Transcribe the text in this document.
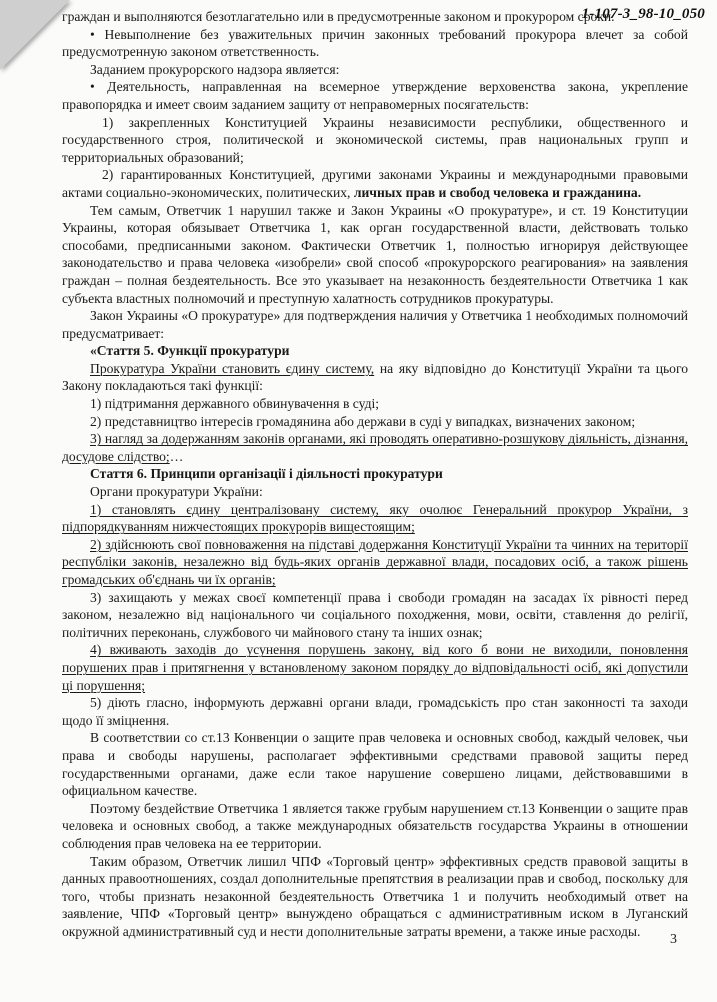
1-107-3_98-10_050

граждан и выполняются безотлагательно или в предусмотренные законом и прокурором сроки.

• Невыполнение без уважительных причин законных требований прокурора влечет за собой предусмотренную законом ответственность.

Заданием прокурорского надзора является:

• Деятельность, направленная на всемерное утверждение верховенства закона, укрепление правопорядка и имеет своим заданием защиту от неправомерных посягательств:

1) закрепленных Конституцией Украины независимости республики, общественного и государственного строя, политической и экономической системы, прав национальных групп и территориальных образований;

2) гарантированных Конституцией, другими законами Украины и международными правовыми актами социально-экономических, политических, личных прав и свобод человека и гражданина.

Тем самым, Ответчик 1 нарушил также и Закон Украины «О прокуратуре», и ст. 19 Конституции Украины, которая обязывает Ответчика 1, как орган государственной власти, действовать только способами, предписанными законом. Фактически Ответчик 1, полностью игнорируя действующее законодательство и права человека «изобрели» свой способ «прокурорского реагирования» на заявления граждан – полная бездеятельность. Все это указывает на незаконность бездеятельности Ответчика 1 как субъекта властных полномочий и преступную халатность сотрудников прокуратуры.

Закон Украины «О прокуратуре» для подтверждения наличия у Ответчика 1 необходимых полномочий предусматривает:

«Стаття 5. Функції прокуратури

Прокуратура України становить єдину систему, на яку відповідно до Конституції України та цього Закону покладаються такі функції:

1) підтримання державного обвинувачення в суді;

2) представництво інтересів громадянина або держави в суді у випадках, визначених законом;

3) нагляд за додержанням законів органами, які проводять оперативно-розшукову діяльність, дізнання, досудове слідство;…

Стаття 6. Принципи організації і діяльності прокуратури

Органи прокуратури України:

1) становлять єдину централізовану систему, яку очолює Генеральний прокурор України, з підпорядкуванням нижчестоящих прокурорів вищестоящим;

2) здійснюють свої повноваження на підставі додержання Конституції України та чинних на території республіки законів, незалежно від будь-яких органів державної влади, посадових осіб, а також рішень громадських об'єднань чи їх органів;

3) захищають у межах своєї компетенції права і свободи громадян на засадах їх рівності перед законом, незалежно від національного чи соціального походження, мови, освіти, ставлення до релігії, політичних переконань, службового чи майнового стану та інших ознак;

4) вживають заходів до усунення порушень закону, від кого б вони не виходили, поновлення порушених прав і притягнення у встановленому законом порядку до відповідальності осіб, які допустили ці порушення;

5) діють гласно, інформують державні органи влади, громадськість про стан законності та заходи щодо її зміцнення.

В соответствии со ст.13 Конвенции о защите прав человека и основных свобод, каждый человек, чьи права и свободы нарушены, располагает эффективными средствами правовой защиты перед государственными органами, даже если такое нарушение совершено лицами, действовавшими в официальном качестве.

Поэтому бездействие Ответчика 1 является также грубым нарушением ст.13 Конвенции о защите прав человека и основных свобод, а также международных обязательств государства Украины в отношении соблюдения прав человека на ее территории.

Таким образом, Ответчик лишил ЧПФ «Торговый центр» эффективных средств правовой защиты в данных правоотношениях, создал дополнительные препятствия в реализации прав и свобод, поскольку для того, чтобы признать незаконной бездеятельность Ответчика 1 и получить необходимый ответ на заявление, ЧПФ «Торговый центр» вынуждено обращаться с административным иском в Луганский окружной административный суд и нести дополнительные затраты времени, а также иные расходы.

3
